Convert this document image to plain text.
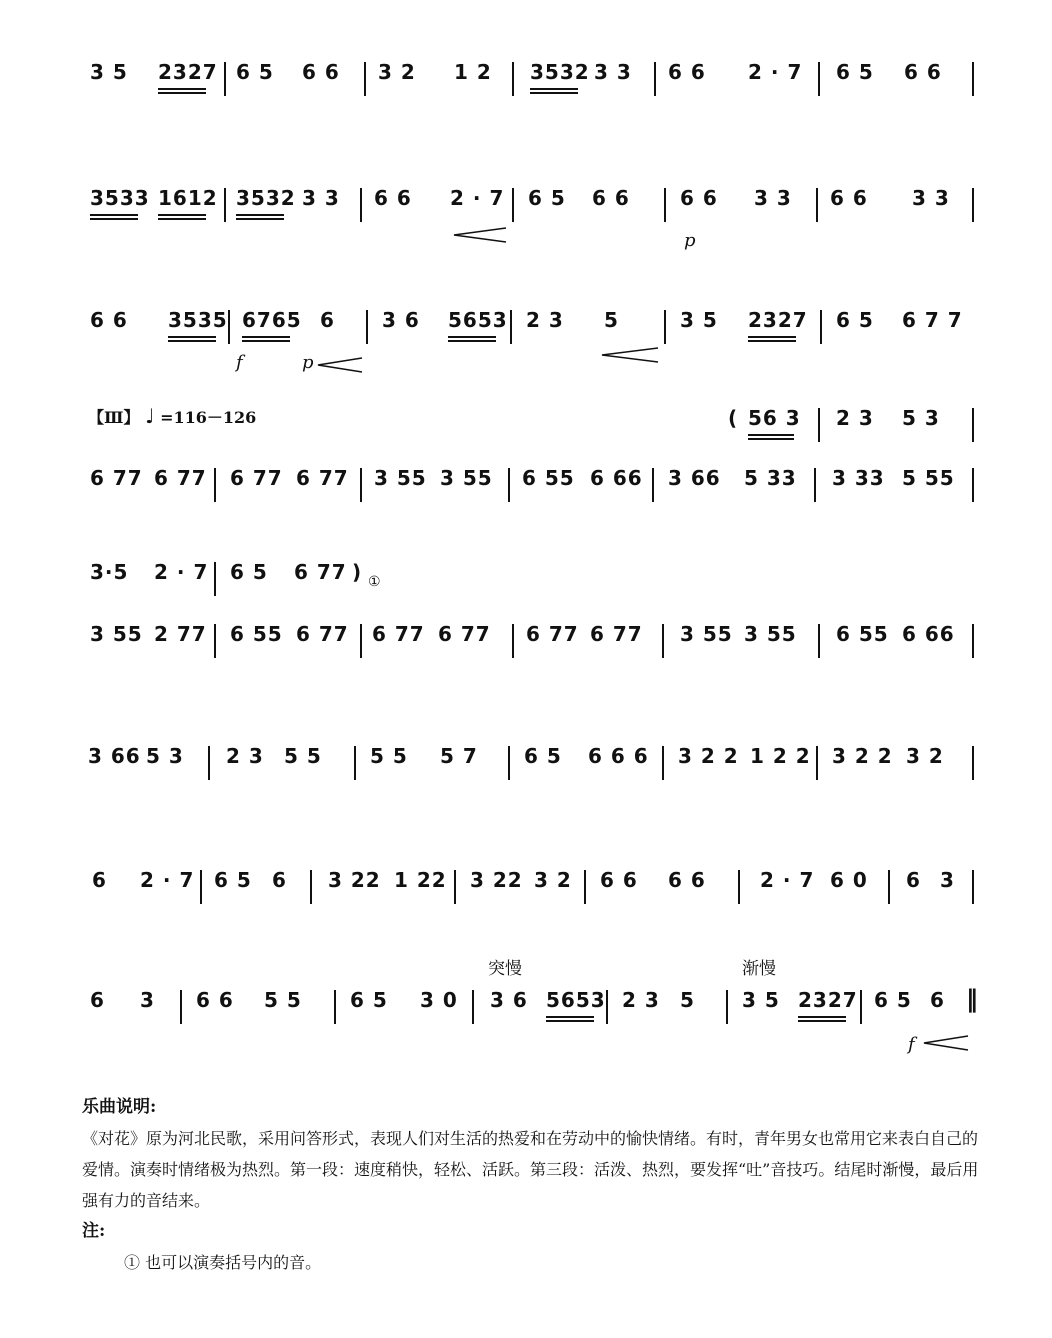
3 5 2327 6 5 6 6 3 2 1 2 3532 3 3 6 6 2 · 7 6 5 6 6
3533 1612 3532 3 3 6 6 2 · 7 6 5 6 6	6 6 3 3 6 6 3 3
p
6 6 3535 6765 6 3 6 5653 2 3 5	3 5 2327 6 5 6 7 7
f	p
【Ⅲ】 ♩ =116－126	( 56 3 2 3 5 3
6 77 6 77 6 77 6 77 3 55 3 55 6 55 6 66 3 66 5 33 3 33 5 55
3·5 2 · 7 6 5 6 77 ) ①
3 55 2 77 6 55 6 77 6 77 6 77 6 77 6 77 3 55 3 55 6 55 6 66
3 66 5 3 2 3 5 5 5 5 5 7 6 5 6 6 6 3 2 2 1 2 2 3 2 2 3 2
6 2 · 7 6 5 6 3 22 1 22 3 22 3 2 6 6 6 6	2 · 7 6 0 6 3
突慢	渐慢
6 3 6 6 5 5 6 5 3 0 3 6 5653 2 3 5 3 5 2327 6 5 6 ‖
f
乐曲说明:
《对花》原为河北民歌，采用问答形式，表现人们对生活的热爱和在劳动中的愉快情绪。有时，青年男女也常用它来表白自己的爱情。演奏时情绪极为热烈。第一段：速度稍快，轻松、活跃。第三段：活泼、热烈，要发挥“吐”音技巧。结尾时渐慢，最后用强有力的音结来。
注:
① 也可以演奏括号内的音。
